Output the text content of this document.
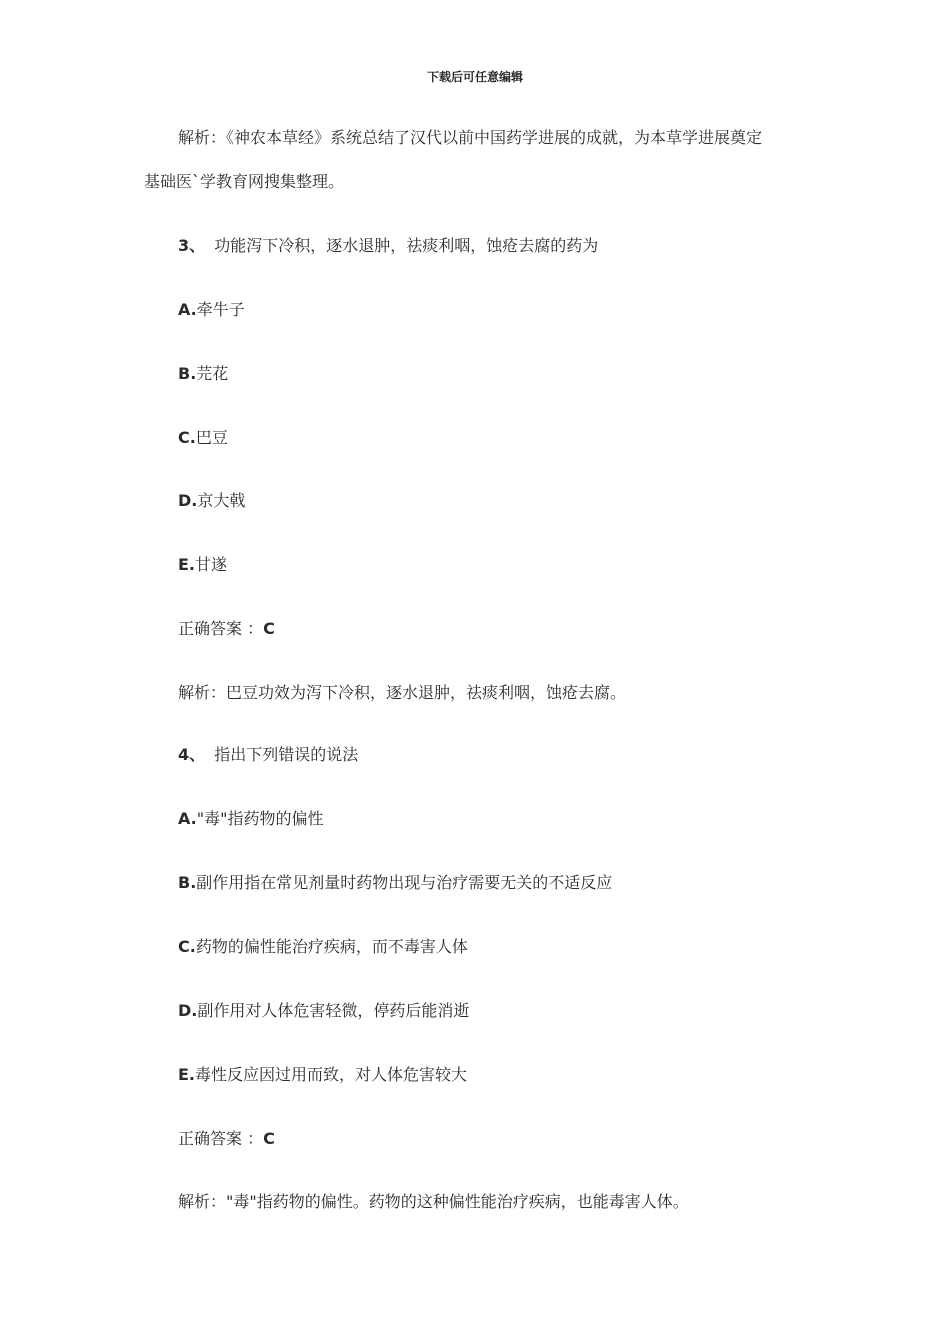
下载后可任意编辑
解析：《神农本草经》系统总结了汉代以前中国药学进展的成就，为本草学进展奠定
基础医`学教育网搜集整理。
3、 功能泻下冷积，逐水退肿，祛痰利咽，蚀疮去腐的药为
A.牵牛子
B.芫花
C.巴豆
D.京大戟
E.甘遂
正确答案 ：C
解析：巴豆功效为泻下冷积，逐水退肿，祛痰利咽，蚀疮去腐。
4、 指出下列错误的说法
A."毒"指药物的偏性
B.副作用指在常见剂量时药物出现与治疗需要无关的不适反应
C.药物的偏性能治疗疾病，而不毒害人体
D.副作用对人体危害轻微，停药后能消逝
E.毒性反应因过用而致，对人体危害较大
正确答案 ：C
解析："毒"指药物的偏性。药物的这种偏性能治疗疾病，也能毒害人体。
